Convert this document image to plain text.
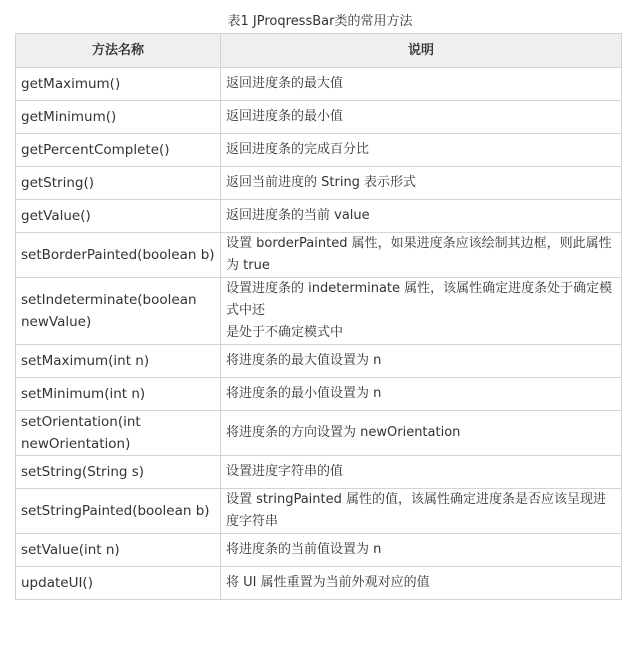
表1 JProqressBar类的常用方法
方法名称	说明
getMaximum()	返回进度条的最大值
getMinimum()	返回进度条的最小值
getPercentComplete()	返回进度条的完成百分比
getString()	返回当前进度的 String 表示形式
getValue()	返回进度条的当前 value
setBorderPainted(boolean b)	设置 borderPainted 属性，如果进度条应该绘制其边框，则此属性为 true
setIndeterminate(boolean newValue)	设置进度条的 indeterminate 属性，该属性确定进度条处于确定模式中还
是处于不确定模式中
setMaximum(int n)	将进度条的最大值设置为 n
setMinimum(int n)	将进度条的最小值设置为 n
setOrientation(int newOrientation)	将进度条的方向设置为 newOrientation
setString(String s)	设置进度字符串的值
setStringPainted(boolean b)	设置 stringPainted 属性的值，该属性确定进度条是否应该呈现进度字符串
setValue(int n)	将进度条的当前值设置为 n
updateUI()	将 UI 属性重置为当前外观对应的值
